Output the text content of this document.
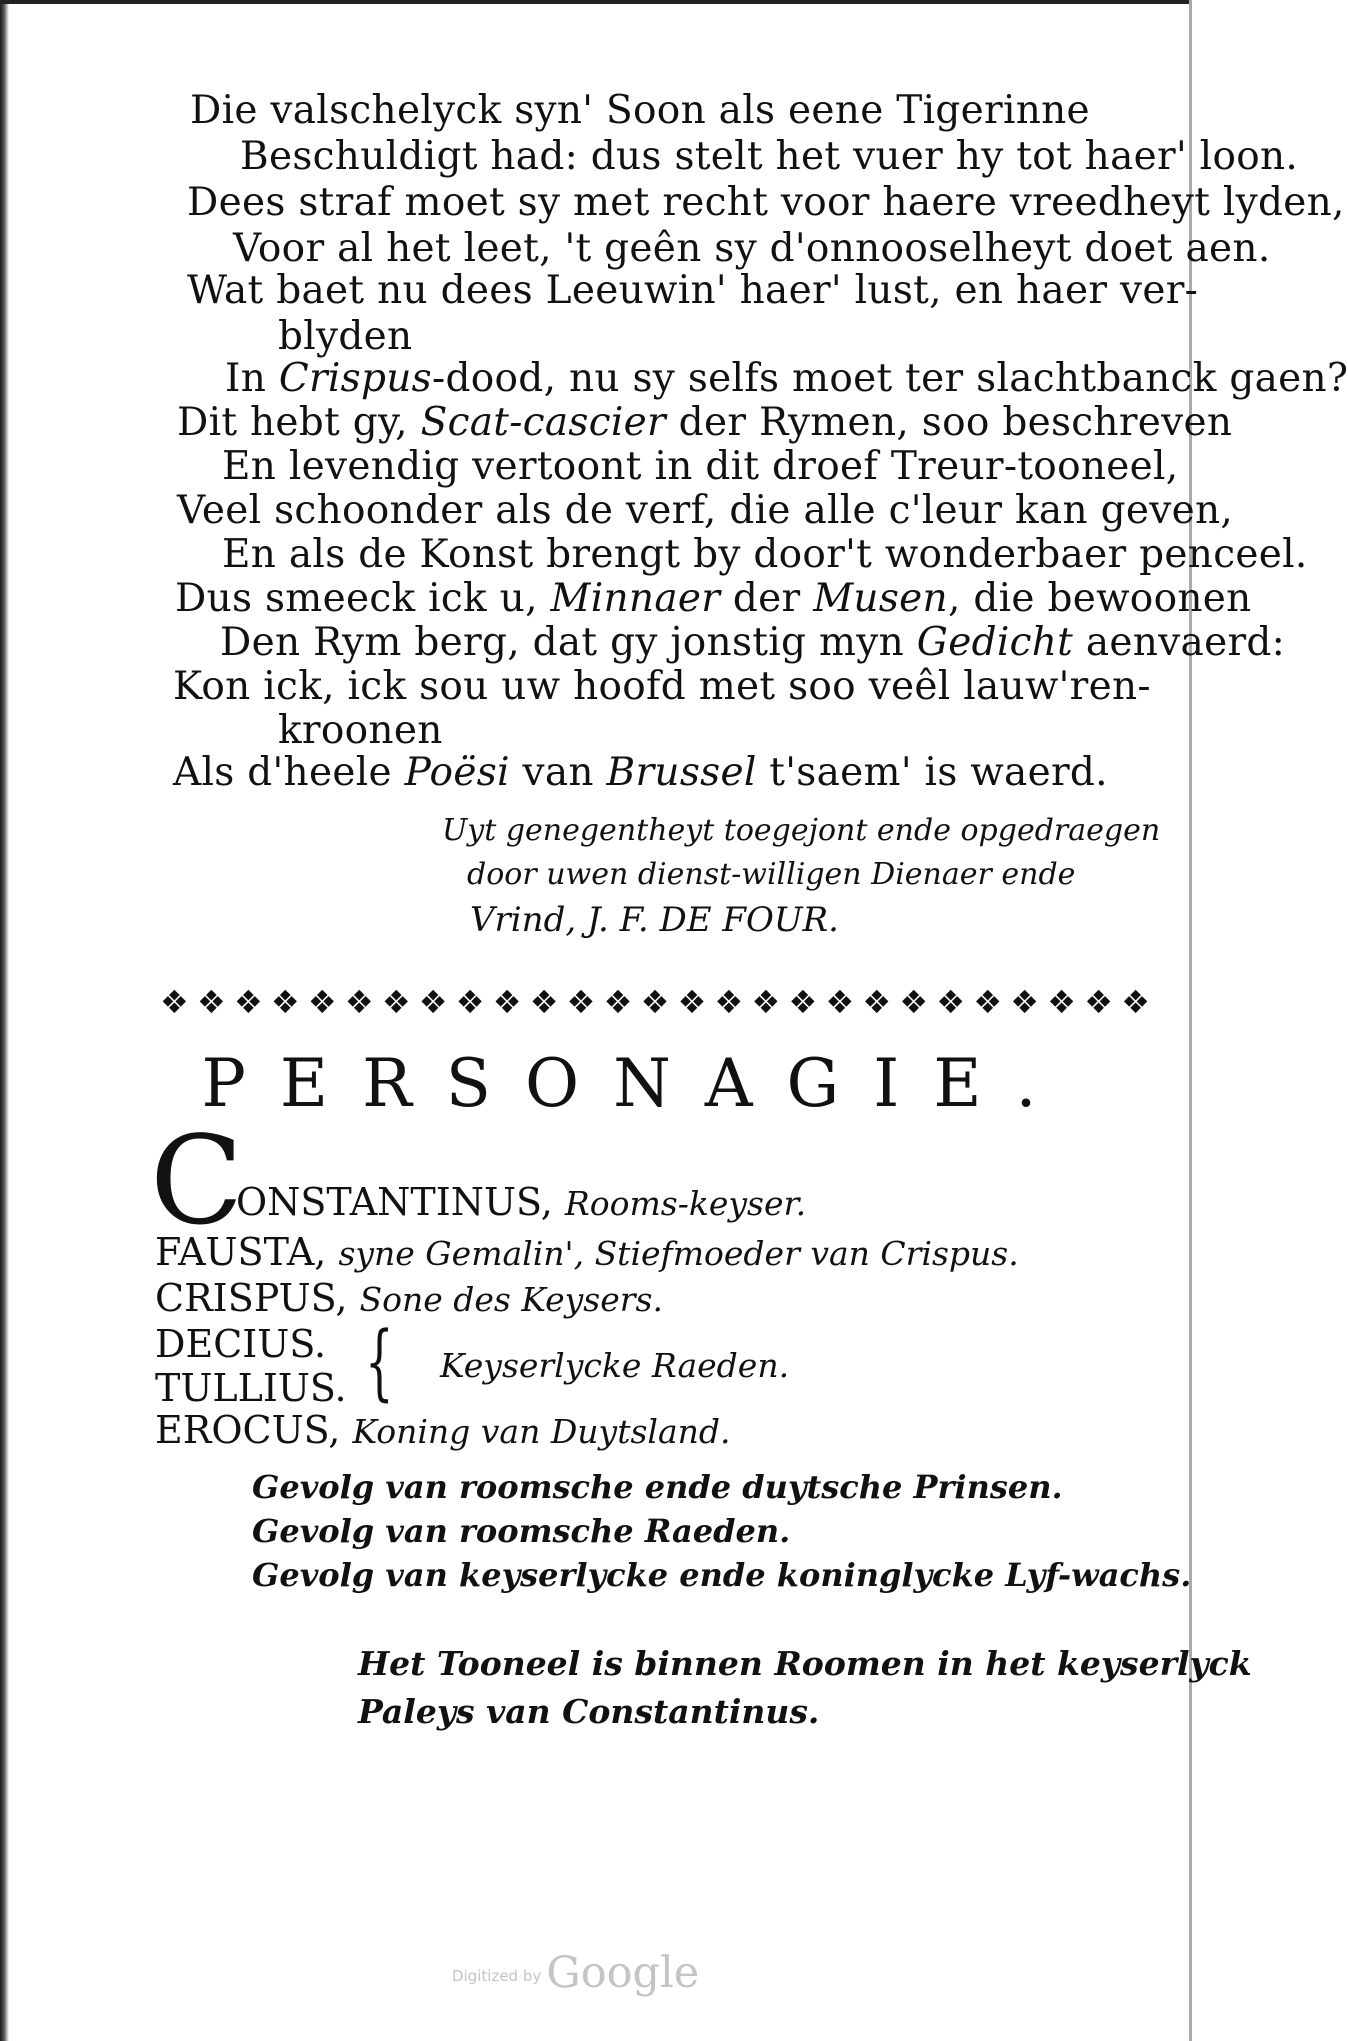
Die valschelyck syn' Soon als eene Tigerinne
Beschuldigt had: dus stelt het vuer hy tot haer' loon.
Dees straf moet sy met recht voor haere vreedheyt lyden,
Voor al het leet, 't geên sy d'onnooselheyt doet aen.
Wat baet nu dees Leeuwin' haer' lust, en haer ver-
blyden
In Crispus-dood, nu sy selfs moet ter slachtbanck gaen?
Dit hebt gy, Scat-cascier der Rymen, soo beschreven
En levendig vertoont in dit droef Treur-tooneel,
Veel schoonder als de verf, die alle c'leur kan geven,
En als de Konst brengt by door't wonderbaer penceel.
Dus smeeck ick u, Minnaer der Musen, die bewoonen
Den Rym berg, dat gy jonstig myn Gedicht aenvaerd:
Kon ick, ick sou uw hoofd met soo veêl lauw'ren-
kroonen
Als d'heele Poësi van Brussel t'saem' is waerd.
Uyt genegentheyt toegejont ende opgedraegen
door uwen dienst-willigen Dienaer ende
Vrind, J. F. DE FOUR.
❖ ❖ ❖ ❖ ❖ ❖ ❖ ❖ ❖ ❖ ❖ ❖ ❖ ❖ ❖ ❖ ❖ ❖ ❖ ❖ ❖ ❖ ❖ ❖ ❖ ❖ ❖
PERSONAGIE.
C
ONSTANTINUS, Rooms-keyser.
FAUSTA, syne Gemalin', Stiefmoeder van Crispus.
CRISPUS, Sone des Keysers.
DECIUS.
TULLIUS. { Keyserlycke Raeden.
EROCUS, Koning van Duytsland.
Gevolg van roomsche ende duytsche Prinsen.
Gevolg van roomsche Raeden.
Gevolg van keyserlycke ende koninglycke Lyf-wachs.
Het Tooneel is binnen Roomen in het keyserlyck
Paleys van Constantinus.
Digitized by Google
